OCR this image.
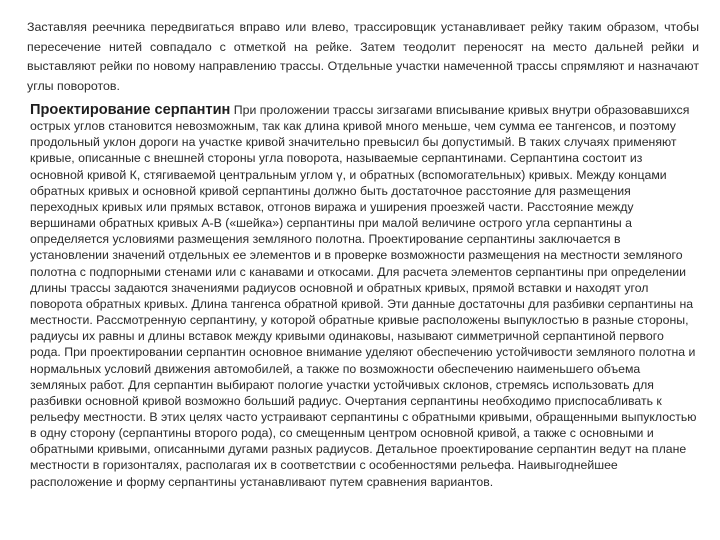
Заставляя реечника передвигаться вправо или влево, трассировщик устанавливает рейку таким образом, чтобы пересечение нитей совпадало с отметкой на рейке. Затем теодолит переносят на место дальней рейки и выставляют рейки по новому направлению трассы. Отдельные участки намеченной трассы спрямляют и назначают углы поворотов.

Проектирование серпантин При проложении трассы зигзагами вписывание кривых внутри образовавшихся острых углов становится невозможным, так как длина кривой много меньше, чем сумма ее тангенсов, и поэтому продольный уклон дороги на участке кривой значительно превысил бы допустимый. В таких случаях применяют кривые, описанные с внешней стороны угла поворота, называемые серпантинами. Серпантина состоит из основной кривой К, стягиваемой центральным углом γ, и обратных (вспомогательных) кривых. Между концами обратных кривых и основной кривой серпантины должно быть достаточное расстояние для размещения переходных кривых или прямых вставок, отгонов виража и уширения проезжей части. Расстояние между вершинами обратных кривых А-В («шейка») серпантины при малой величине острого угла серпантины а определяется условиями размещения земляного полотна. Проектирование серпантины заключается в установлении значений отдельных ее элементов и в проверке возможности размещения на местности земляного полотна с подпорными стенами или с канавами и откосами. Для расчета элементов серпантины при определении длины трассы задаются значениями радиусов основной и обратных кривых, прямой вставки и находят угол поворота обратных кривых. Длина тангенса обратной кривой. Эти данные достаточны для разбивки серпантины на местности. Рассмотренную серпантину, у которой обратные кривые расположены выпуклостью в разные стороны, радиусы их равны и длины вставок между кривыми одинаковы, называют симметричной серпантиной первого рода. При проектировании серпантин основное внимание уделяют обеспечению устойчивости земляного полотна и нормальных условий движения автомобилей, а также по возможности обеспечению наименьшего объема земляных работ. Для серпантин выбирают пологие участки устойчивых склонов, стремясь использовать для разбивки основной кривой возможно больший радиус. Очертания серпантины необходимо приспосабливать к рельефу местности. В этих целях часто устраивают серпантины с обратными кривыми, обращенными выпуклостью в одну сторону (серпантины второго рода), со смещенным центром основной кривой, а также с основными и обратными кривыми, описанными дугами разных радиусов. Детальное проектирование серпантин ведут на плане местности в горизонталях, располагая их в соответствии с особенностями рельефа. Наивыгоднейшее расположение и форму серпантины устанавливают путем сравнения вариантов.
